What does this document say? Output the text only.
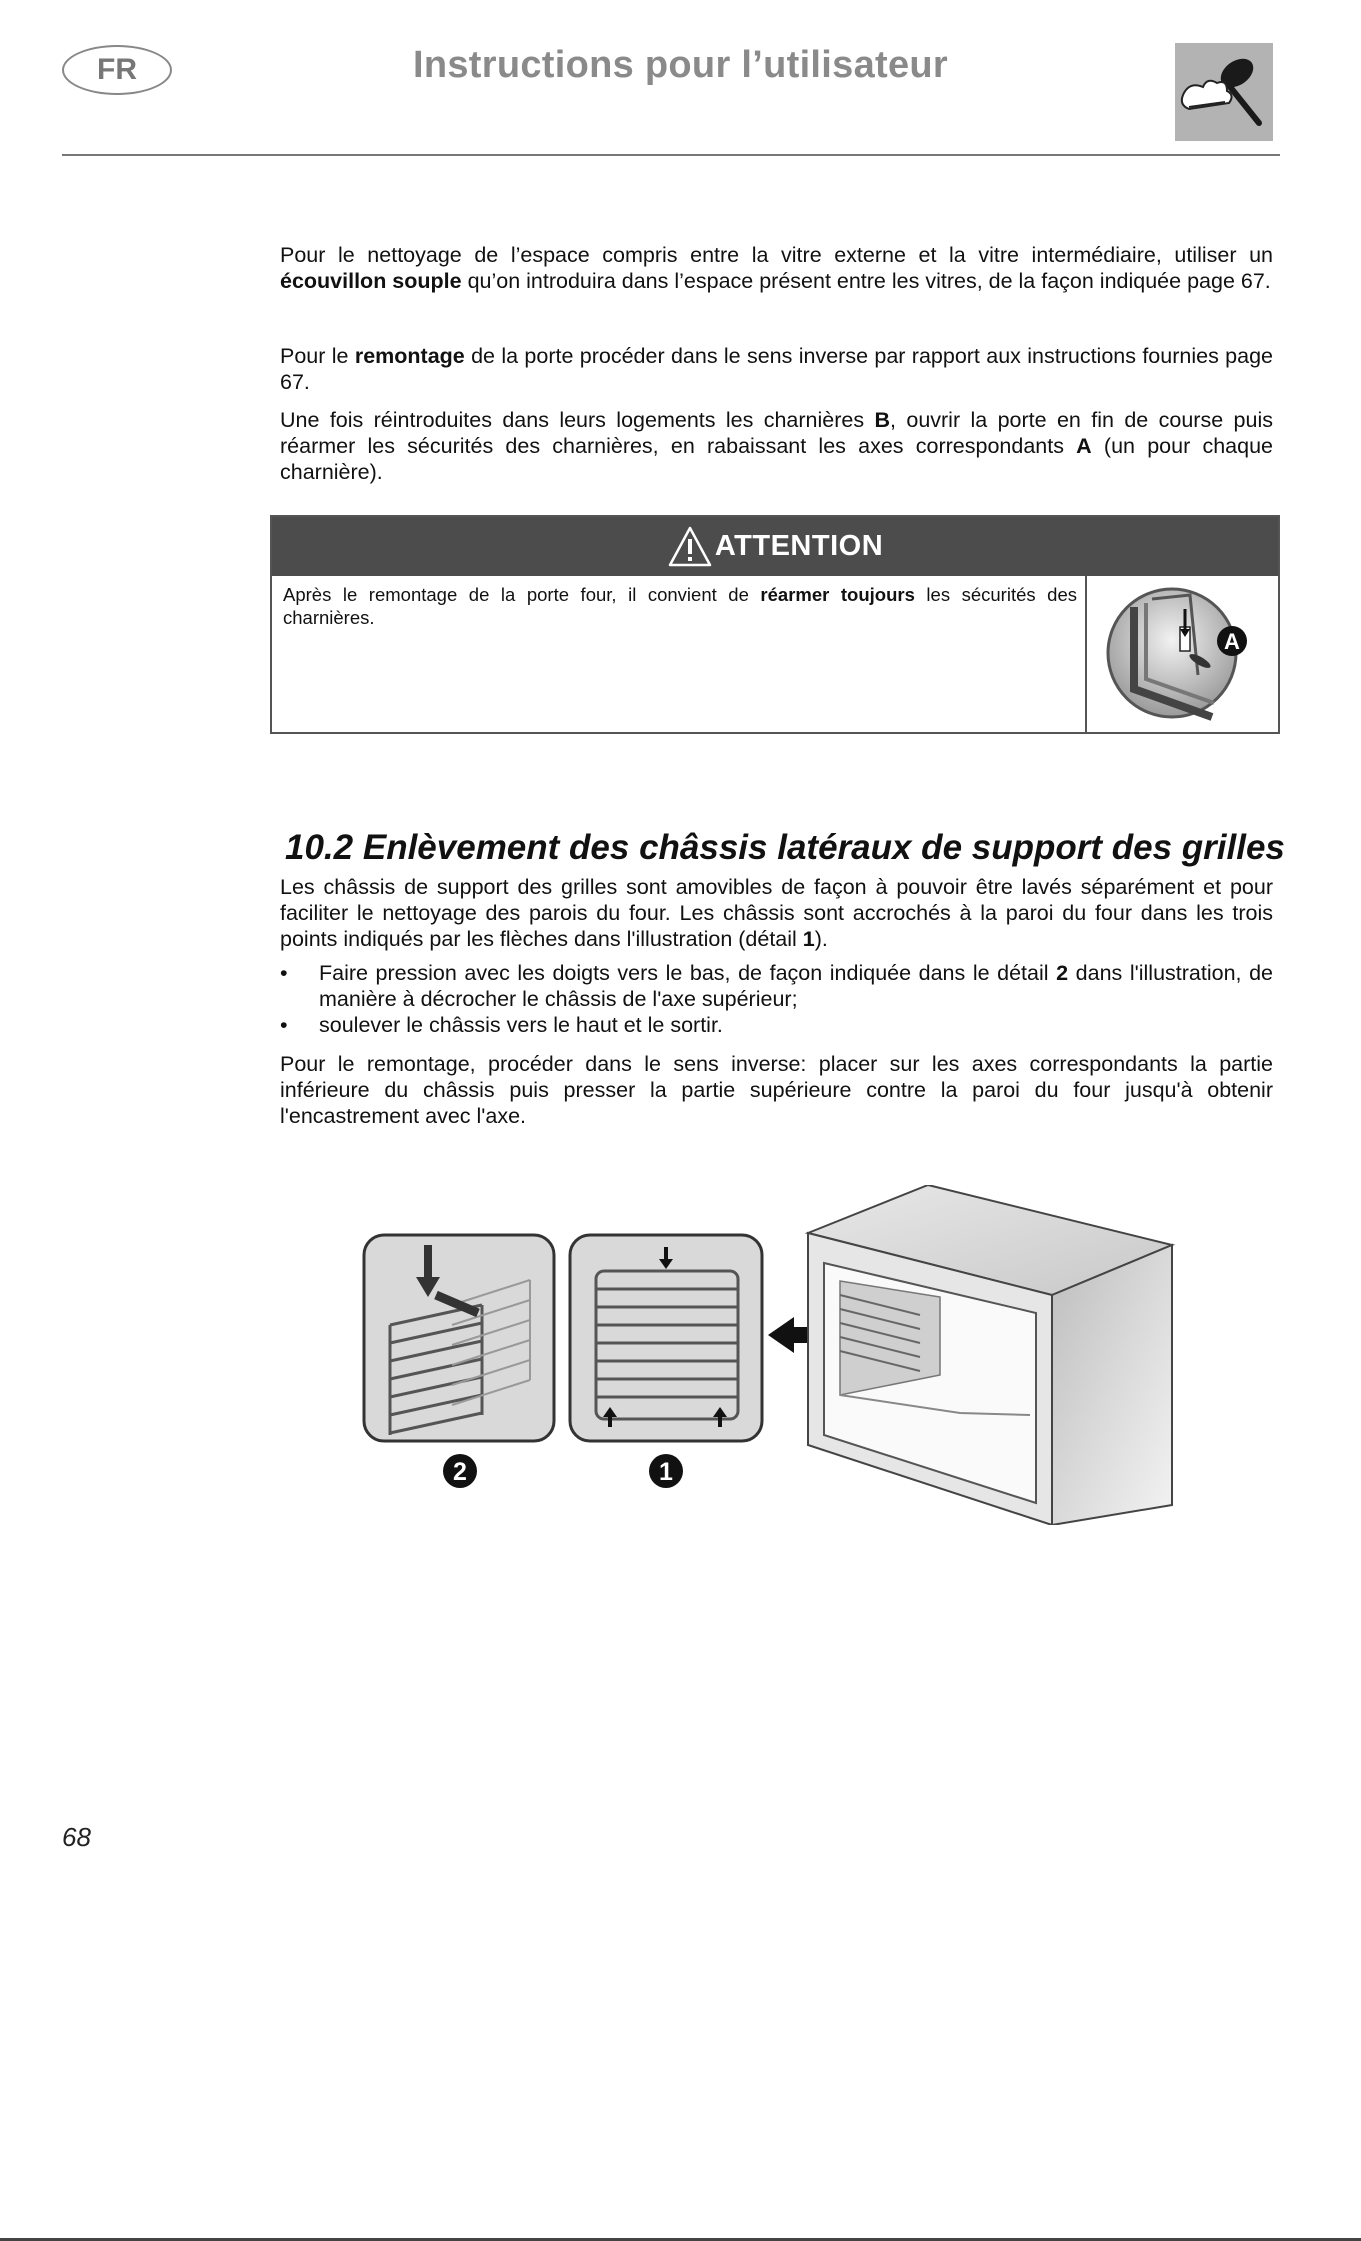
FR	Instructions pour l’utilisateur
Pour le nettoyage de l’espace compris entre la vitre externe et la vitre intermédiaire, utiliser un écouvillon souple qu’on introduira dans l’espace présent entre les vitres, de la façon indiquée page 67.
Pour le remontage de la porte procéder dans le sens inverse par rapport aux instructions fournies page 67.
Une fois réintroduites dans leurs logements les charnières B, ouvrir la porte en fin de course puis réarmer les sécurités des charnières, en rabaissant les axes correspondants A (un pour chaque charnière).
ATTENTION
Après le remontage de la porte four, il convient de réarmer toujours les sécurités des charnières.
A
10.2 Enlèvement des châssis latéraux de support des grilles
Les châssis de support des grilles sont amovibles de façon à pouvoir être lavés séparément et pour faciliter le nettoyage des parois du four. Les châssis sont accrochés à la paroi du four dans les trois points indiqués par les flèches dans l'illustration (détail 1).
• Faire pression avec les doigts vers le bas, de façon indiquée dans le détail 2 dans l'illustration, de manière à décrocher le châssis de l'axe supérieur;
• soulever le châssis vers le haut et le sortir.
Pour le remontage, procéder dans le sens inverse: placer sur les axes correspondants la partie inférieure du châssis puis presser la partie supérieure contre la paroi du four jusqu'à obtenir l'encastrement avec l'axe.
2	1
68
